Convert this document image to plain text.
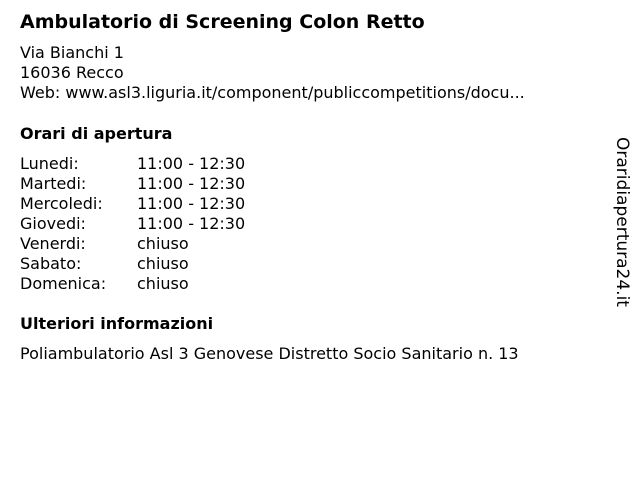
Ambulatorio di Screening Colon Retto
Via Bianchi 1
16036 Recco
Web: www.asl3.liguria.it/component/publiccompetitions/docu...
Orari di apertura
Lunedi:	11:00 - 12:30
Martedi:	11:00 - 12:30
Mercoledi:	11:00 - 12:30
Giovedi:	11:00 - 12:30
Venerdi:	chiuso
Sabato:	chiuso
Domenica:	chiuso
Ulteriori informazioni
Poliambulatorio Asl 3 Genovese Distretto Socio Sanitario n. 13
Oraridiapertura24.it
